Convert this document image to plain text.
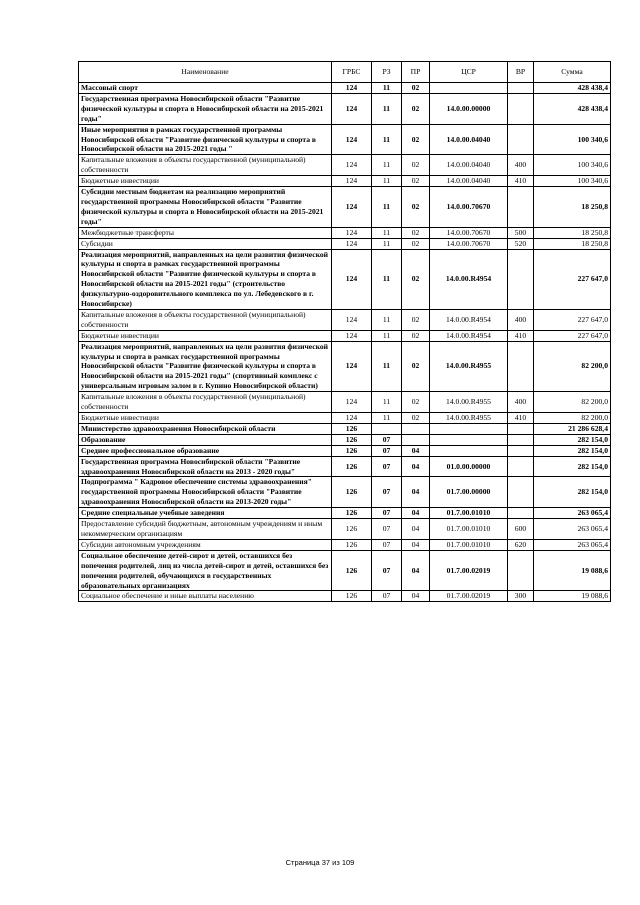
Наименование	ГРБС	РЗ	ПР	ЦСР	ВР	Сумма
Массовый спорт	124	11	02			428 438,4
Государственная программа Новосибирской области "Развитие физической культуры и спорта в Новосибирской области на 2015-2021 годы"	124	11	02	14.0.00.00000		428 438,4
Иные мероприятия в рамках государственной программы Новосибирской области "Развитие физической культуры и спорта в Новосибирской области на 2015-2021 годы "	124	11	02	14.0.00.04040		100 340,6
Капитальные вложения в объекты государственной (муниципальной) собственности	124	11	02	14.0.00.04040	400	100 340,6
Бюджетные инвестиции	124	11	02	14.0.00.04040	410	100 340,6
Субсидии местным бюджетам на реализацию мероприятий государственной программы Новосибирской области "Развитие физической культуры и спорта в Новосибирской области на 2015-2021 годы"	124	11	02	14.0.00.70670		18 250,8
Межбюджетные трансферты	124	11	02	14.0.00.70670	500	18 250,8
Субсидии	124	11	02	14.0.00.70670	520	18 250,8
Реализация мероприятий, направленных на цели развития физической культуры и спорта в рамках государственной программы Новосибирской области "Развитие физической культуры и спорта в Новосибирской области на 2015-2021 годы" (строительство физкультурно-оздоровительного комплекса по ул. Лебедевского в г. Новосибирске)	124	11	02	14.0.00.R4954		227 647,0
Капитальные вложения в объекты государственной (муниципальной) собственности	124	11	02	14.0.00.R4954	400	227 647,0
Бюджетные инвестиции	124	11	02	14.0.00.R4954	410	227 647,0
Реализация мероприятий, направленных на цели развития физической культуры и спорта в рамках государственной программы Новосибирской области "Развитие физической культуры и спорта в Новосибирской области на 2015-2021 годы" (спортивный комплекс с универсальным игровым залом в г. Купино Новосибирской области)	124	11	02	14.0.00.R4955		82 200,0
Капитальные вложения в объекты государственной (муниципальной) собственности	124	11	02	14.0.00.R4955	400	82 200,0
Бюджетные инвестиции	124	11	02	14.0.00.R4955	410	82 200,0
Министерство здравоохранения Новосибирской области	126					21 286 628,4
Образование	126	07				282 154,0
Среднее профессиональное образование	126	07	04			282 154,0
Государственная программа Новосибирской области "Развитие здравоохранения Новосибирской области на 2013 - 2020 годы"	126	07	04	01.0.00.00000		282 154,0
Подпрограмма " Кадровое обеспечение системы здравоохранения" государственной программы Новосибирской области "Развитие здравоохранения Новосибирской области на 2013-2020 годы"	126	07	04	01.7.00.00000		282 154,0
Средние специальные учебные заведения	126	07	04	01.7.00.01010		263 065,4
Предоставление субсидий бюджетным, автономным учреждениям и иным некоммерческим организациям	126	07	04	01.7.00.01010	600	263 065,4
Субсидии автономным учреждениям	126	07	04	01.7.00.01010	620	263 065,4
Социальное обеспечение детей-сирот и детей, оставшихся без попечения родителей, лиц из числа детей-сирот и детей, оставшихся без попечения родителей, обучающихся в государственных образовательных организациях	126	07	04	01.7.00.02019		19 088,6
Социальное обеспечение и иные выплаты населению	126	07	04	01.7.00.02019	300	19 088,6
Страница 37 из 109
